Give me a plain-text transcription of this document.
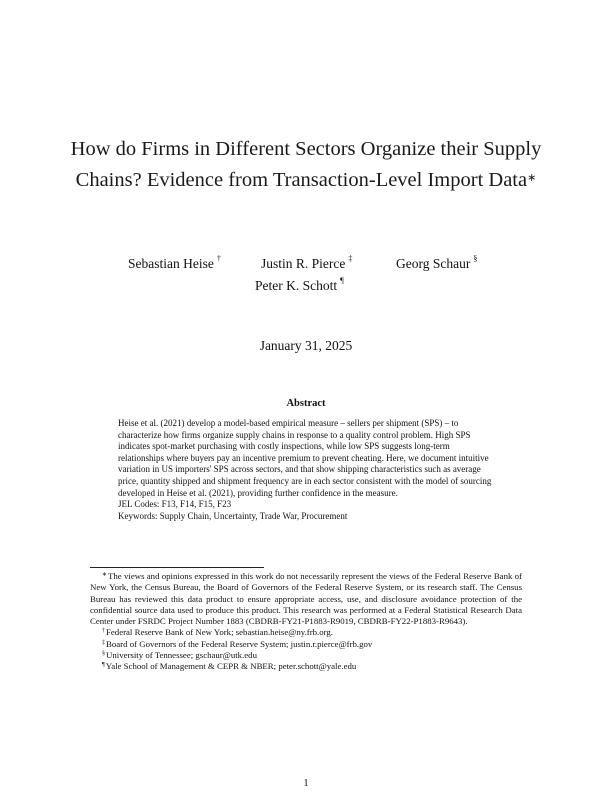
How do Firms in Different Sectors Organize their Supply Chains? Evidence from Transaction-Level Import Data∗
Sebastian Heise †	Justin R. Pierce ‡	Georg Schaur §
Peter K. Schott ¶
January 31, 2025
Abstract

Heise et al. (2021) develop a model-based empirical measure – sellers per shipment (SPS) – to characterize how firms organize supply chains in response to a quality control problem. High SPS indicates spot-market purchasing with costly inspections, while low SPS suggests long-term relationships where buyers pay an incentive premium to prevent cheating. Here, we document intuitive variation in US importers' SPS across sectors, and that show shipping characteristics such as average price, quantity shipped and shipment frequency are in each sector consistent with the model of sourcing developed in Heise et al. (2021), providing further confidence in the measure.

JEL Codes: F13, F14, F15, F23

Keywords: Supply Chain, Uncertainty, Trade War, Procurement

∗The views and opinions expressed in this work do not necessarily represent the views of the Federal Reserve Bank of New York, the Census Bureau, the Board of Governors of the Federal Reserve System, or its research staff. The Census Bureau has reviewed this data product to ensure appropriate access, use, and disclosure avoidance protection of the confidential source data used to produce this product. This research was performed at a Federal Statistical Research Data Center under FSRDC Project Number 1883 (CBDRB-FY21-P1883-R9019, CBDRB-FY22-P1883-R9643).

†Federal Reserve Bank of New York; sebastian.heise@ny.frb.org.

‡Board of Governors of the Federal Reserve System; justin.r.pierce@frb.gov

§University of Tennessee; gschaur@utk.edu

¶Yale School of Management & CEPR & NBER; peter.schott@yale.edu

1
